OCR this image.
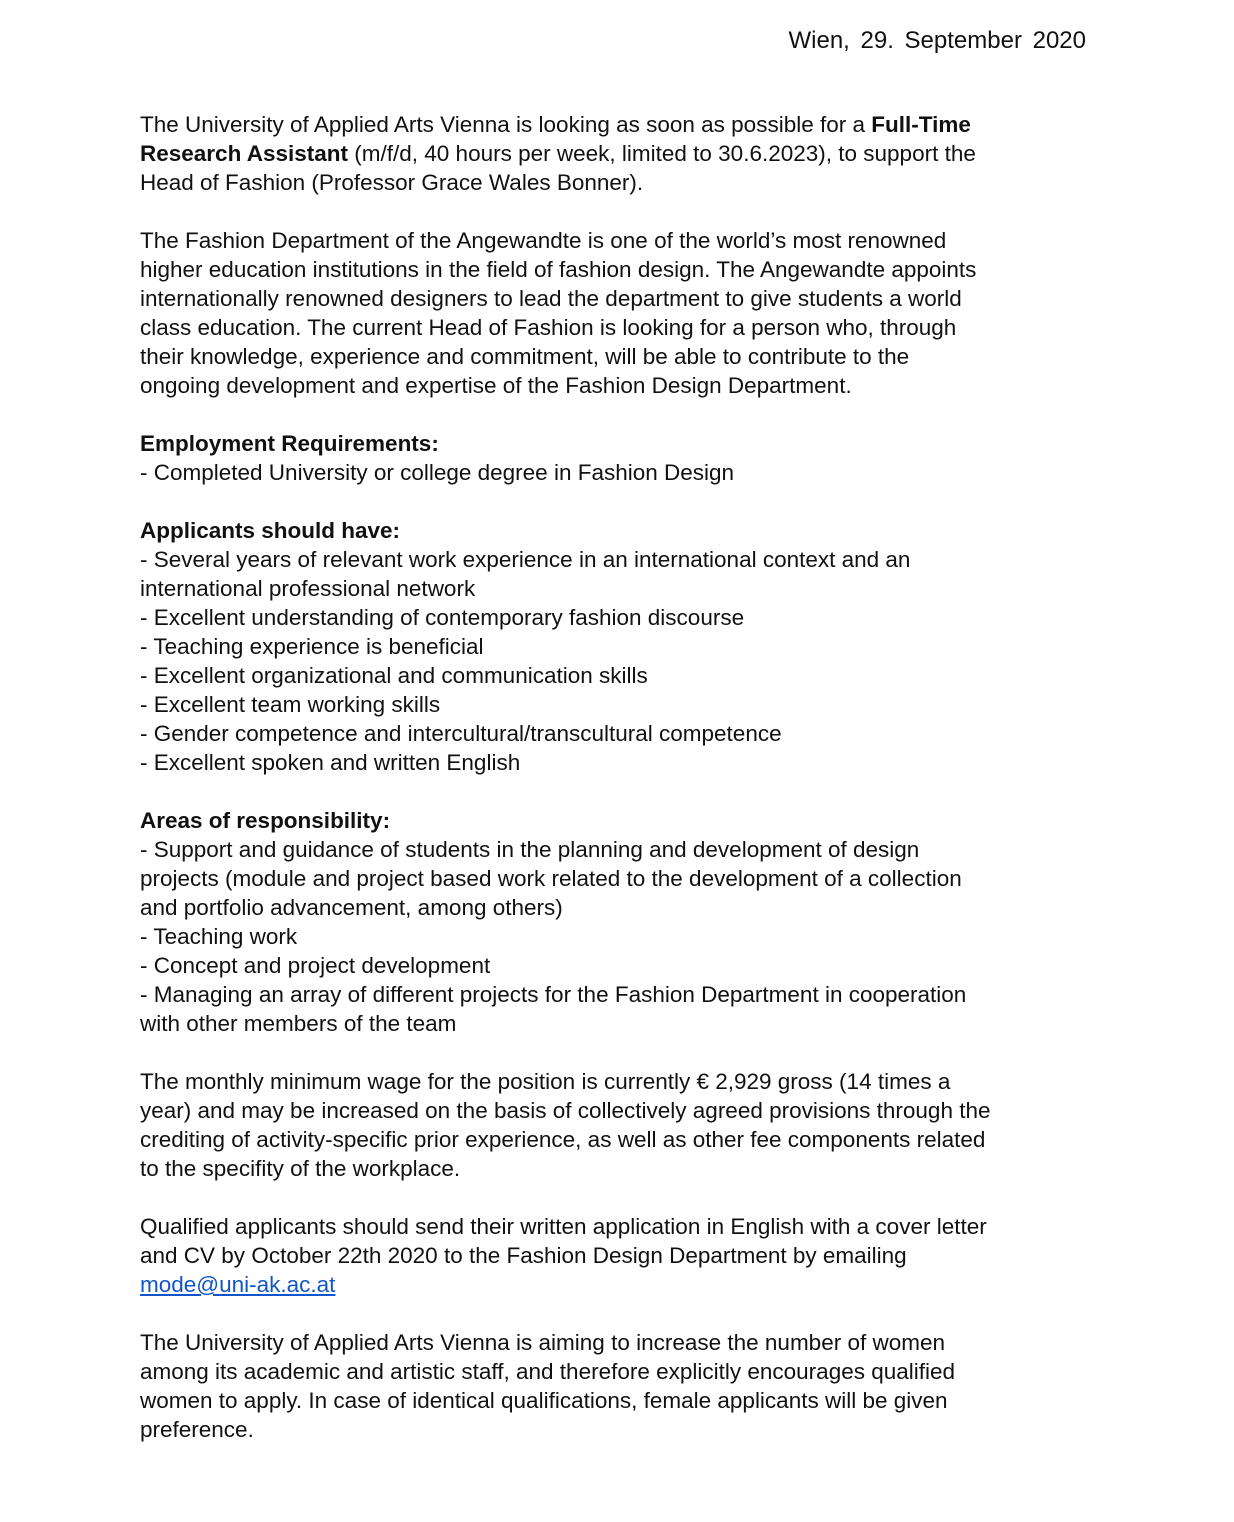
Wien, 29. September 2020
The University of Applied Arts Vienna is looking as soon as possible for a Full-Time
Research Assistant (m/f/d, 40 hours per week, limited to 30.6.2023), to support the
Head of Fashion (Professor Grace Wales Bonner).
The Fashion Department of the Angewandte is one of the world’s most renowned
higher education institutions in the field of fashion design. The Angewandte appoints
internationally renowned designers to lead the department to give students a world
class education. The current Head of Fashion is looking for a person who, through
their knowledge, experience and commitment, will be able to contribute to the
ongoing development and expertise of the Fashion Design Department.
Employment Requirements:
- Completed University or college degree in Fashion Design
Applicants should have:
- Several years of relevant work experience in an international context and an
international professional network
- Excellent understanding of contemporary fashion discourse
- Teaching experience is beneficial
- Excellent organizational and communication skills
- Excellent team working skills
- Gender competence and intercultural/transcultural competence
- Excellent spoken and written English
Areas of responsibility:
- Support and guidance of students in the planning and development of design
projects (module and project based work related to the development of a collection
and portfolio advancement, among others)
- Teaching work
- Concept and project development
- Managing an array of different projects for the Fashion Department in cooperation
with other members of the team
The monthly minimum wage for the position is currently € 2,929 gross (14 times a
year) and may be increased on the basis of collectively agreed provisions through the
crediting of activity-specific prior experience, as well as other fee components related
to the specifity of the workplace.
Qualified applicants should send their written application in English with a cover letter
and CV by October 22th 2020 to the Fashion Design Department by emailing
mode@uni-ak.ac.at
The University of Applied Arts Vienna is aiming to increase the number of women
among its academic and artistic staff, and therefore explicitly encourages qualified
women to apply. In case of identical qualifications, female applicants will be given
preference.
